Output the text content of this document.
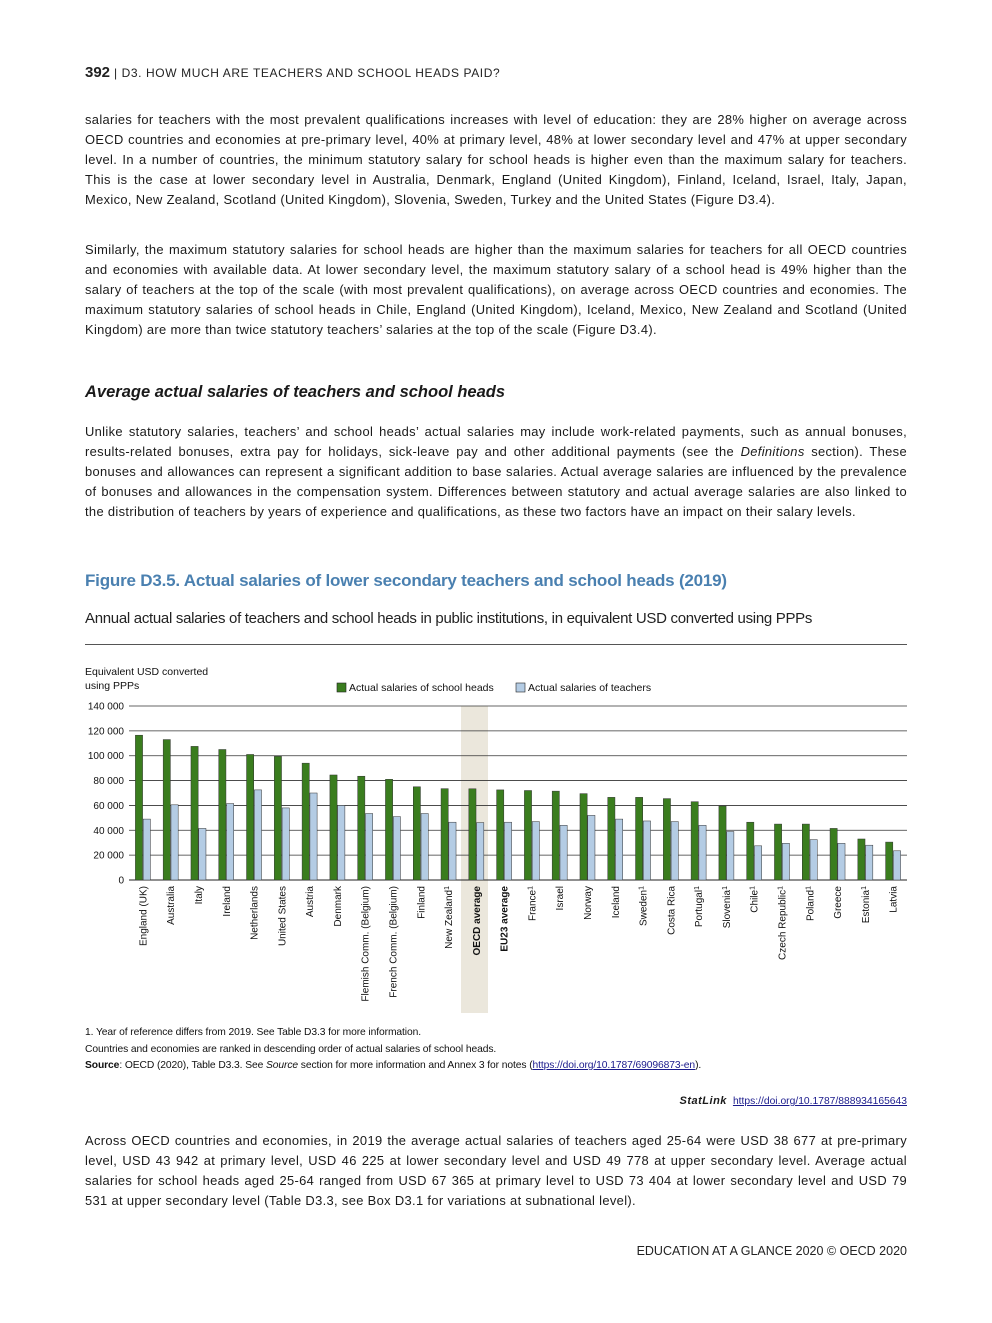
392 | D3. HOW MUCH ARE TEACHERS AND SCHOOL HEADS PAID?

salaries for teachers with the most prevalent qualifications increases with level of education: they are 28% higher on average across OECD countries and economies at pre-primary level, 40% at primary level, 48% at lower secondary level and 47% at upper secondary level. In a number of countries, the minimum statutory salary for school heads is higher even than the maximum salary for teachers. This is the case at lower secondary level in Australia, Denmark, England (United Kingdom), Finland, Iceland, Israel, Italy, Japan, Mexico, New Zealand, Scotland (United Kingdom), Slovenia, Sweden, Turkey and the United States (Figure D3.4).

Similarly, the maximum statutory salaries for school heads are higher than the maximum salaries for teachers for all OECD countries and economies with available data. At lower secondary level, the maximum statutory salary of a school head is 49% higher than the salary of teachers at the top of the scale (with most prevalent qualifications), on average across OECD countries and economies. The maximum statutory salaries of school heads in Chile, England (United Kingdom), Iceland, Mexico, New Zealand and Scotland (United Kingdom) are more than twice statutory teachers’ salaries at the top of the scale (Figure D3.4).

Average actual salaries of teachers and school heads

Unlike statutory salaries, teachers’ and school heads’ actual salaries may include work-related payments, such as annual bonuses, results-related bonuses, extra pay for holidays, sick-leave pay and other additional payments (see the Definitions section). These bonuses and allowances can represent a significant addition to base salaries. Actual average salaries are influenced by the prevalence of bonuses and allowances in the compensation system. Differences between statutory and actual average salaries are also linked to the distribution of teachers by years of experience and qualifications, as these two factors have an impact on their salary levels.

Figure D3.5. Actual salaries of lower secondary teachers and school heads (2019)
Annual actual salaries of teachers and school heads in public institutions, in equivalent USD converted using PPPs
0
20 000
40 000
60 000
80 000
100 000
120 000
140 000
England (UK) Australia Italy Ireland Netherlands United States Austria Denmark Flemish Comm. (Belgium) French Comm. (Belgium) Finland New Zealand$^1$	OECD average EU23 average France$^1$	Israel Norway Iceland Sweden$^1$	Costa Rica Portugal$^1$
Slovenia$^1$
Chile$^1$
Czech Republic$^1$
Poland$^1$	Greece Estonia$^1$	Latvia
Equivalent USD converted
using PPPs	Actual salaries of school heads	Actual salaries of teachers
1. Year of reference differs from 2019. See Table D3.3 for more information.
Countries and economies are ranked in descending order of actual salaries of school heads.
Source: OECD (2020), Table D3.3. See Source section for more information and Annex 3 for notes (https://doi.org/10.1787/69096873-en).
StatLink https://doi.org/10.1787/888934165643

Across OECD countries and economies, in 2019 the average actual salaries of teachers aged 25-64 were USD 38 677 at pre-primary level, USD 43 942 at primary level, USD 46 225 at lower secondary level and USD 49 778 at upper secondary level. Average actual salaries for school heads aged 25-64 ranged from USD 67 365 at primary level to USD 73 404 at lower secondary level and USD 79 531 at upper secondary level (Table D3.3, see Box D3.1 for variations at subnational level).

EDUCATION AT A GLANCE 2020 © OECD 2020
